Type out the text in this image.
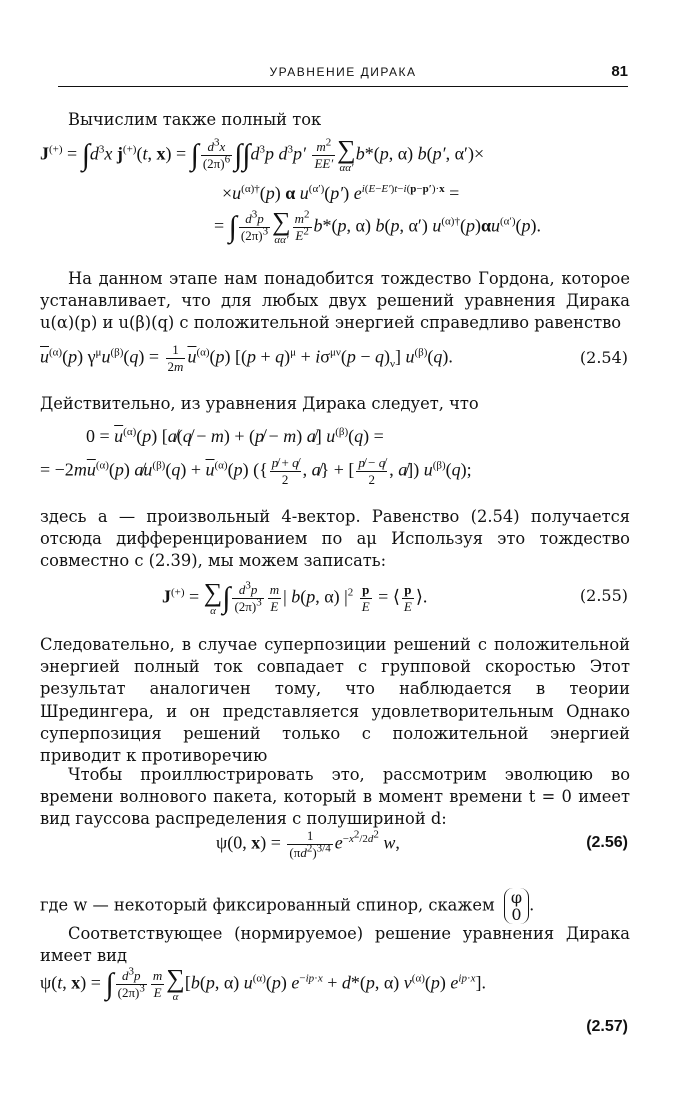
УРАВНЕНИЕ ДИРАКА	81
Вычислим также полный ток
$J^{(+)} = \int d^3x$ j(+)(t, x) = ∫ $\frac{d^3x}{(2\pi)^6} \int\int d^3p$ $d^3p' \frac{m^2}{EE'}$ ∑
αα′
b*(p, α) b(p′, α′)×
$\times u^{(\alpha)\dagger}(p)$ α $u^{(\alpha')}(p') e^{i(E-E')t-i(p-p')\cdot x}$ =
= ∫ $\frac{d^3p}{(2\pi)^3}$ ∑
$\alpha\alpha' \frac{m^2}{E^2} b*(p$, α) b(p, α′) $u^{(\alpha)\dagger}(p)\alpha u^{(\alpha')}(p)$.
На данном этапе нам понадобится тождество Гордона, которое устанавливает, что для любых двух решений уравнения Дирака u(α)(p) и u(β)(q) с положительной энергией справедливо равенство
$\overline{u}^{(\alpha)}(p) \gamma^\mu u^{(\beta)}(q) = \frac{1}{2m} \overline{u}^{(\alpha)}(p) [(p + q)^\mu + i\sigma^{\mu\nu}(p - q)_\nu]$ $u^{(\beta)}(q)$.	(2.54)
Действительно, из уравнения Дирака следует, что
$0 = \overline{u}^{(\alpha)}(p)$ [a̸(q̸ − m) + (p̸ − m) a̸] $u^{(\beta)}(q)$ =
= $-2m\overline{u}^{(\alpha)}(p)$ $a̸u^{(\beta)}(q) + \overline{u}^{(\alpha)}(p)$ ({ $\frac{p̸ + q̸}{2}$ , a̸} + [ $\frac{p̸ - q̸}{2}$ , a̸]) $u^{(\beta)}(q)$;
здесь a — произвольный 4-вектор. Равенство (2.54) получается отсюда дифференцированием по aμ Используя это тождество совместно с (2.39), мы можем записать:
J(+) = ∑
α ∫ $\frac{d^3p}{(2\pi)^3} \frac{m}{E}$ | b(p, α) $|^2 \frac{p}{E}$ = ⟨ $\frac{p}{E}$ ⟩.	(2.55)
Следовательно, в случае суперпозиции решений с положительной энергией полный ток совпадает с групповой скоростью Этот результат аналогичен тому, что наблюдается в теории Шредингера, и он представляется удовлетворительным Однако суперпозиция решений только с положительной энергией приводит к противоречию
Чтобы проиллюстрировать это, рассмотрим эволюцию во времени волнового пакета, который в момент времени t = 0 имеет вид гауссова распределения с полушириной d:
ψ(0, $x) = \frac{1}{(\pi d^2)^{3/4}} e^{-x^2/2d^2}$ w,	(2.56)
где w — некоторый фиксированный спинор, скажем φ
0 .
Соответствующее (нормируемое) решение уравнения Дирака имеет вид
ψ(t, x) = ∫ $\frac{d^3p}{(2\pi)^3} \frac{m}{E}$ ∑
α
[b(p, α) $u^{(\alpha)}(p) e^{-ip\cdot x} + d*(p$, α) $v^{(\alpha)}(p)$ $e^{ip\cdot x}$].
(2.57)
